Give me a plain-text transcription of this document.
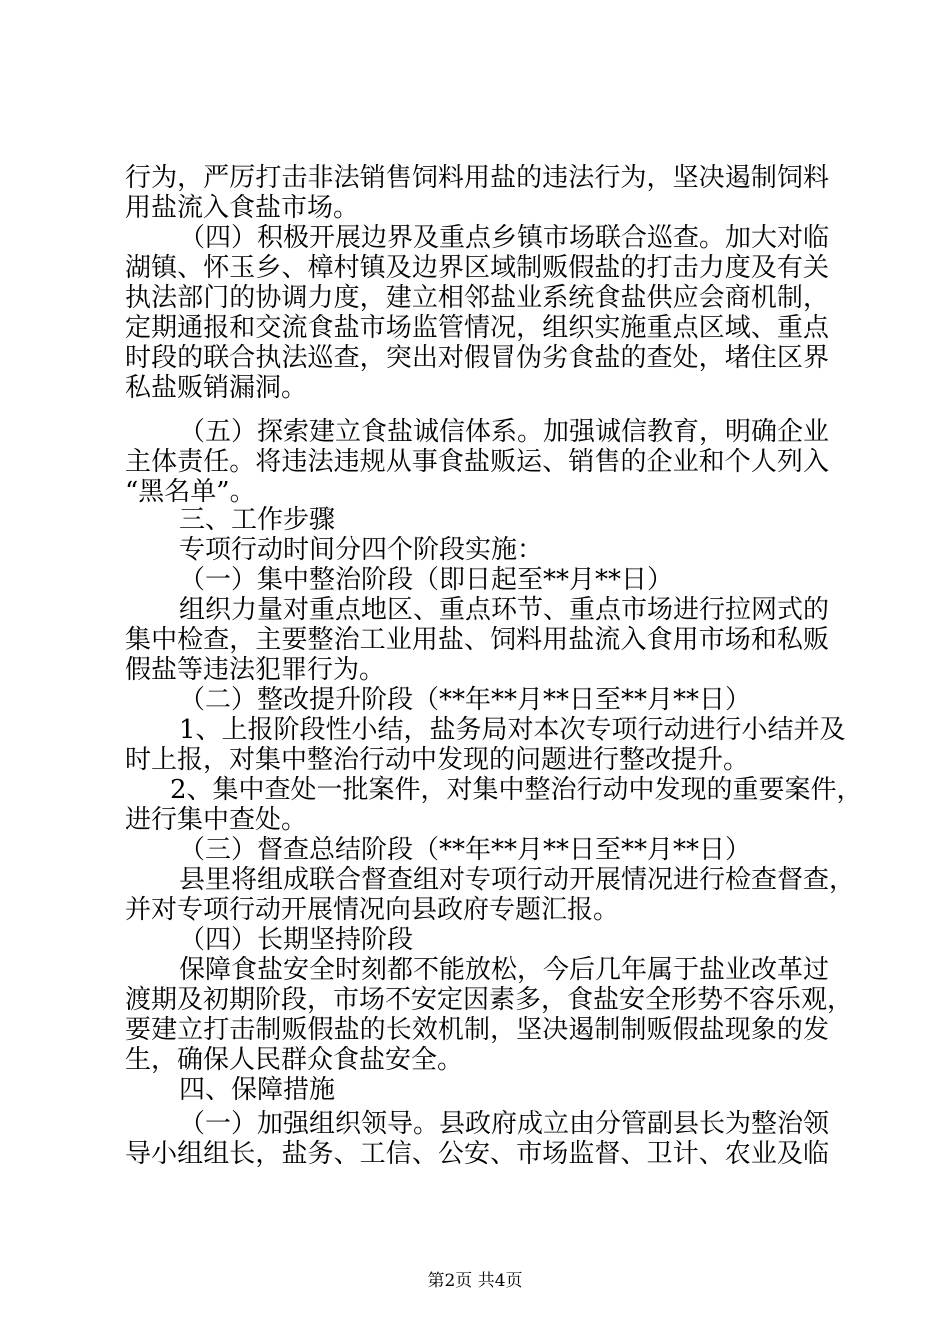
行为，严厉打击非法销售饲料用盐的违法行为，坚决遏制饲料
用盐流入食盐市场。
（四）积极开展边界及重点乡镇市场联合巡查。加大对临
湖镇、怀玉乡、樟村镇及边界区域制贩假盐的打击力度及有关
执法部门的协调力度，建立相邻盐业系统食盐供应会商机制，
定期通报和交流食盐市场监管情况，组织实施重点区域、重点
时段的联合执法巡查，突出对假冒伪劣食盐的查处，堵住区界
私盐贩销漏洞。
（五）探索建立食盐诚信体系。加强诚信教育，明确企业
主体责任。将违法违规从事食盐贩运、销售的企业和个人列入
“黑名单”。
三、工作步骤
专项行动时间分四个阶段实施：
（一）集中整治阶段（即日起至**月**日）
组织力量对重点地区、重点环节、重点市场进行拉网式的
集中检查，主要整治工业用盐、饲料用盐流入食用市场和私贩
假盐等违法犯罪行为。
（二）整改提升阶段（**年**月**日至**月**日）
1、上报阶段性小结，盐务局对本次专项行动进行小结并及
时上报，对集中整治行动中发现的问题进行整改提升。
2、集中查处一批案件，对集中整治行动中发现的重要案件，
进行集中查处。
（三）督查总结阶段（**年**月**日至**月**日）
县里将组成联合督查组对专项行动开展情况进行检查督查，
并对专项行动开展情况向县政府专题汇报。
（四）长期坚持阶段
保障食盐安全时刻都不能放松，今后几年属于盐业改革过
渡期及初期阶段，市场不安定因素多，食盐安全形势不容乐观，
要建立打击制贩假盐的长效机制，坚决遏制制贩假盐现象的发
生，确保人民群众食盐安全。
四、保障措施
（一）加强组织领导。县政府成立由分管副县长为整治领
导小组组长，盐务、工信、公安、市场监督、卫计、农业及临
第2页 共4页
